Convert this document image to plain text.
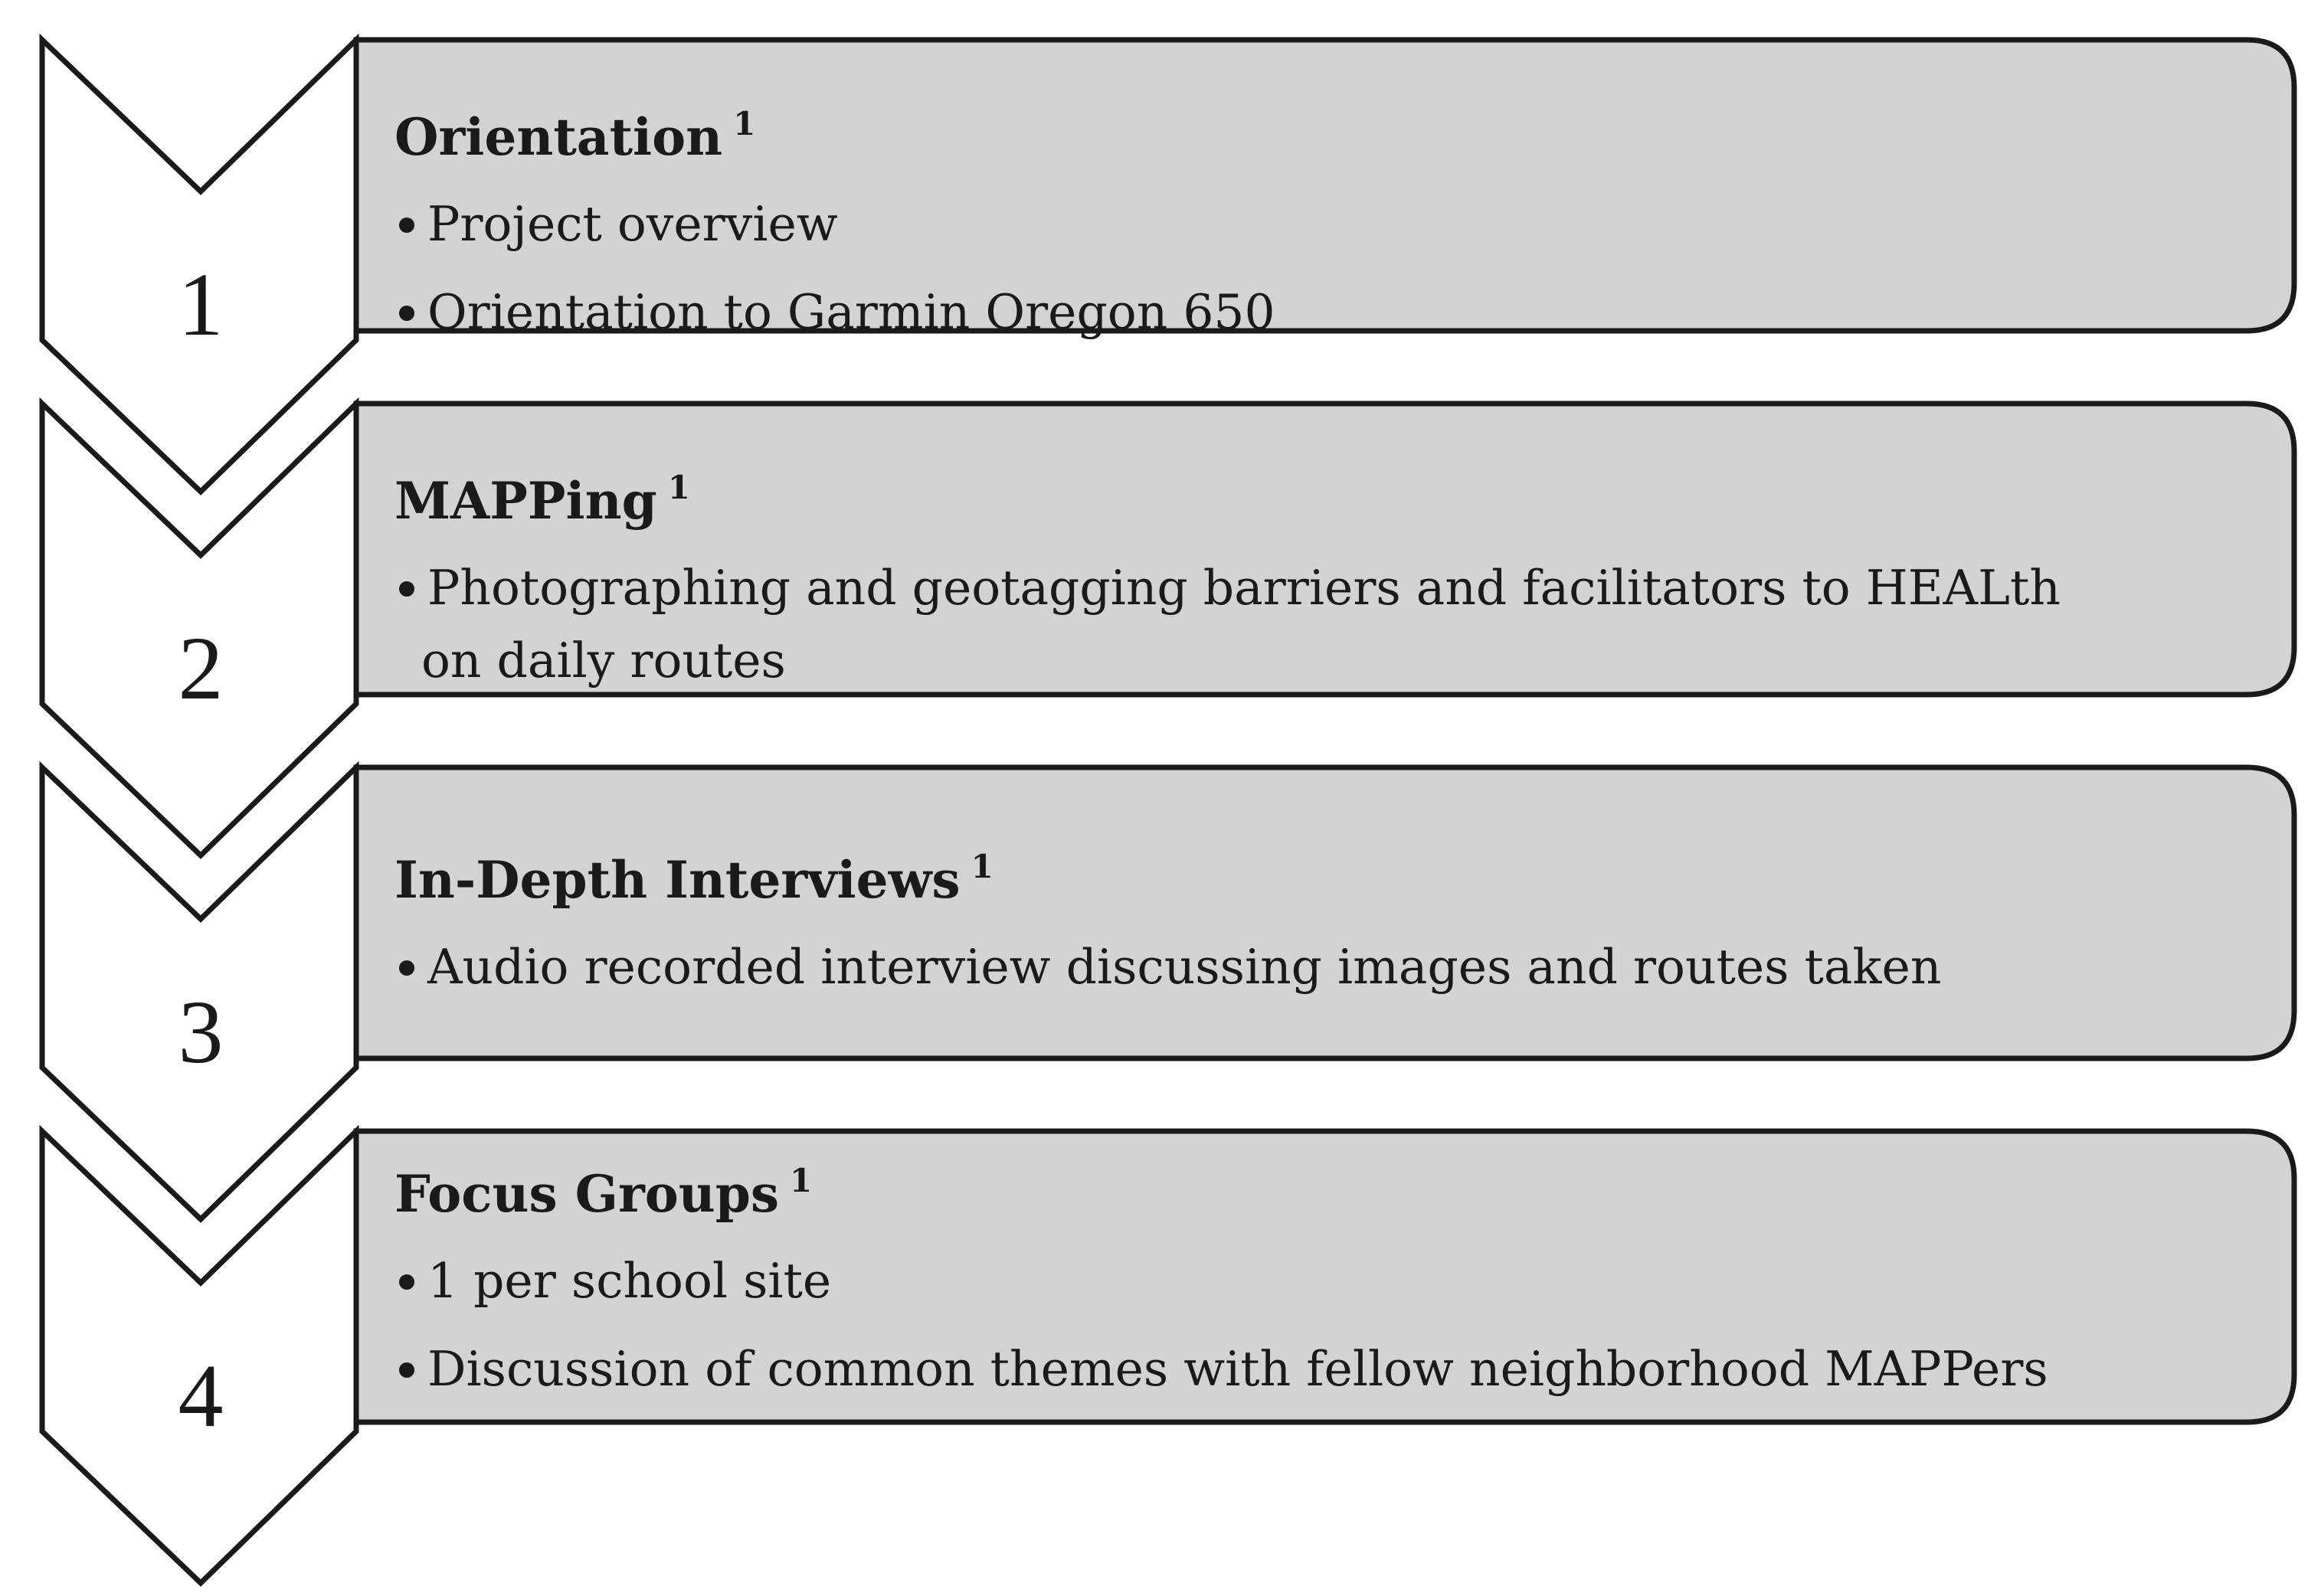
1
2
3
4
Orientation $^1$
Project overview
Orientation to Garmin Oregon 650
MAPPing $^1$
Photographing and geotagging barriers and facilitators to HEALth
on daily routes
In-Depth Interviews $^1$
Audio recorded interview discussing images and routes taken
Focus Groups $^1$
1 per school site
Discussion of common themes with fellow neighborhood MAPPers
